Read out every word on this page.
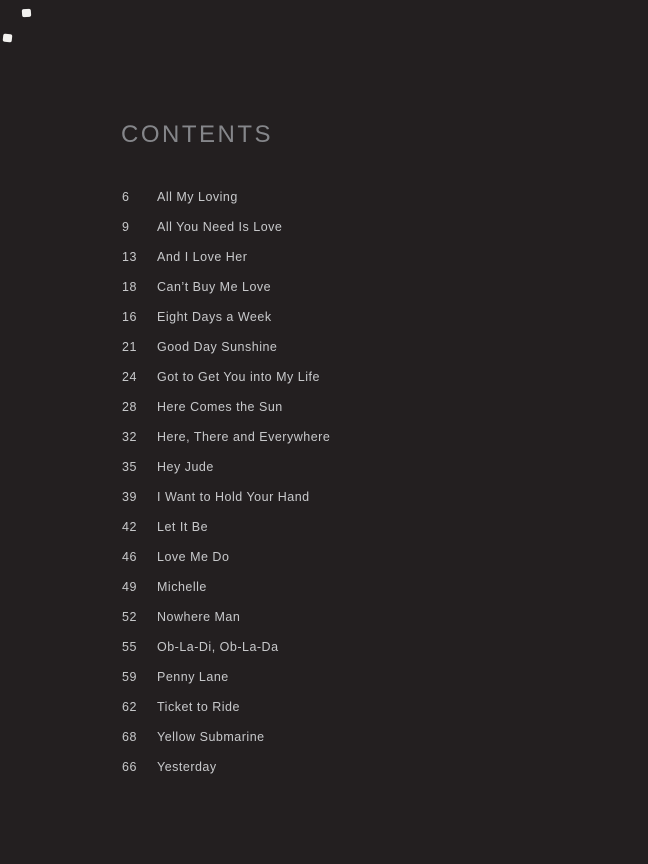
CONTENTS
6	All My Loving
9	All You Need Is Love
13	And I Love Her
18	Can’t Buy Me Love
16	Eight Days a Week
21	Good Day Sunshine
24	Got to Get You into My Life
28	Here Comes the Sun
32	Here, There and Everywhere
35	Hey Jude
39	I Want to Hold Your Hand
42	Let It Be
46	Love Me Do
49	Michelle
52	Nowhere Man
55	Ob-La-Di, Ob-La-Da
59	Penny Lane
62	Ticket to Ride
68	Yellow Submarine
66	Yesterday
